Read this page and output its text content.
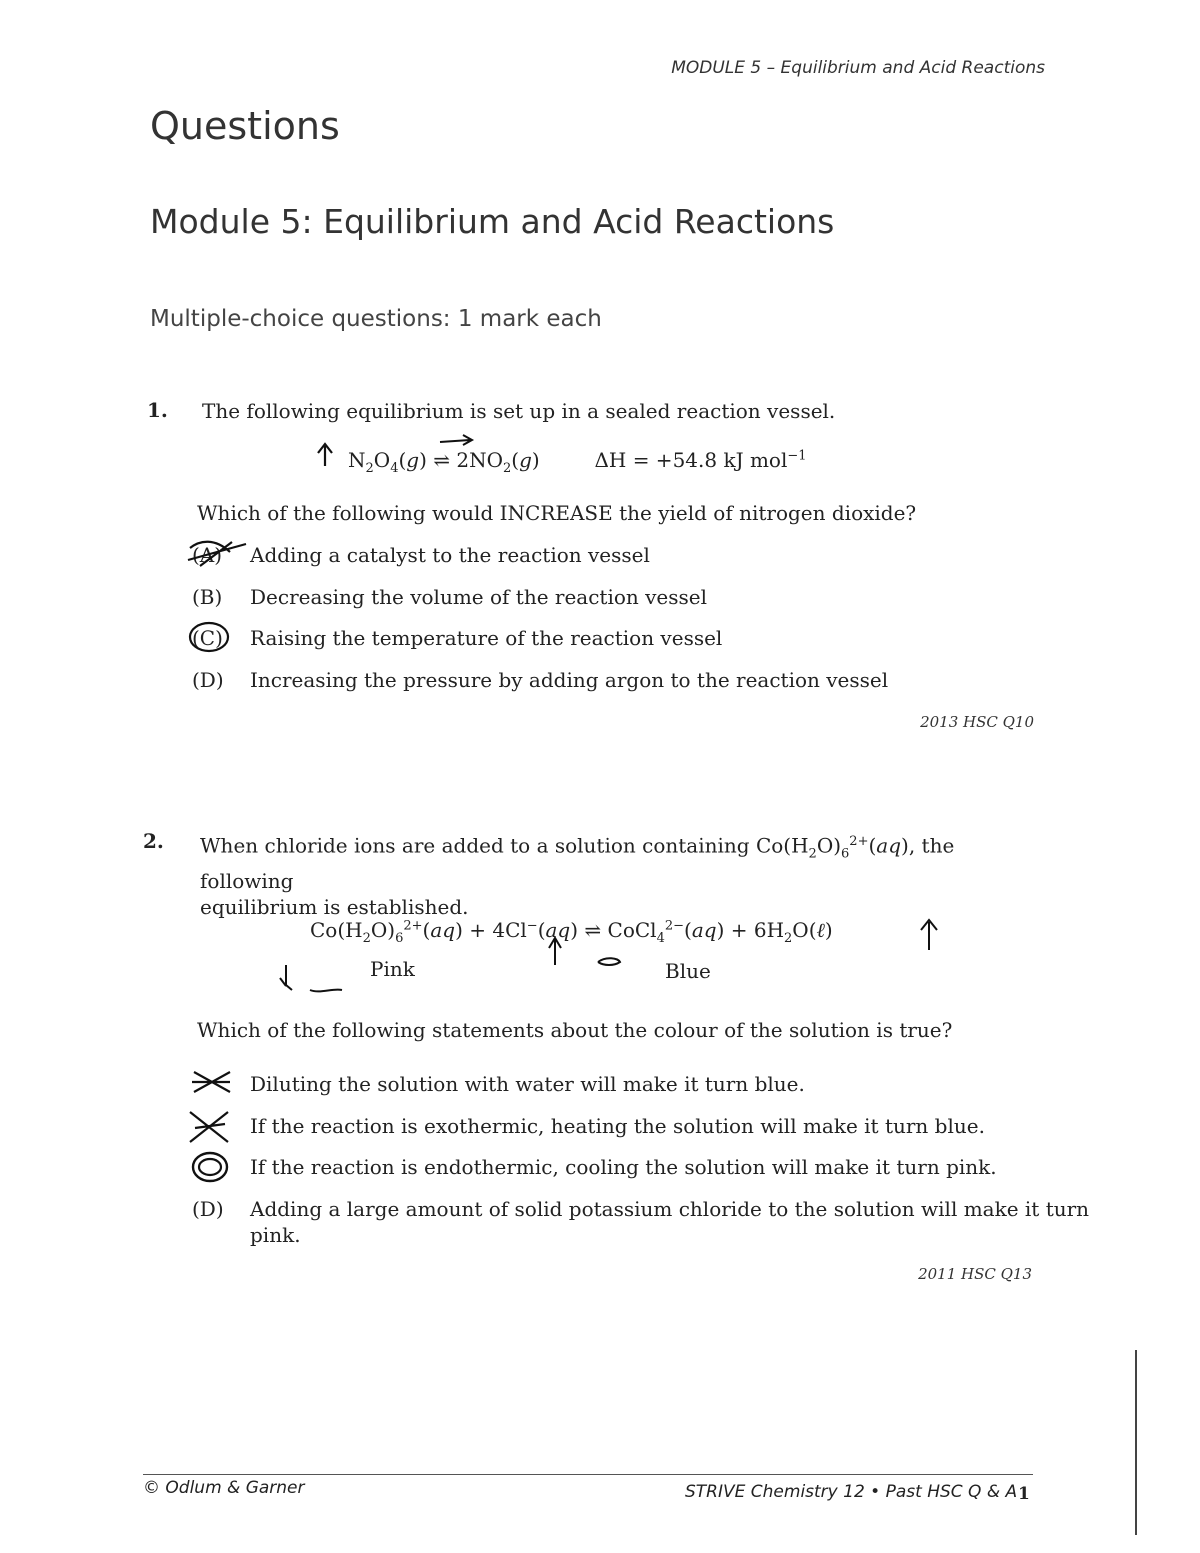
MODULE 5 – Equilibrium and Acid Reactions
Questions
Module 5: Equilibrium and Acid Reactions
Multiple-choice questions: 1 mark each
1. The following equilibrium is set up in a sealed reaction vessel.
$N_2O_4(g)$ ⇌ $2NO_2(g)$	ΔH = +54.8 kJ mol$^{-1}$
Which of the following would INCREASE the yield of nitrogen dioxide?
(A) Adding a catalyst to the reaction vessel
(B) Decreasing the volume of the reaction vessel
(C) Raising the temperature of the reaction vessel
(D) Increasing the pressure by adding argon to the reaction vessel
2013 HSC Q10
2. When chloride ions are added to a solution containing $Co(H_2O)_6^{2+}(aq)$, the following
equilibrium is established.
$Co(H_2O)_6^{2+}(aq) + 4Cl^-(aq)$ ⇌ CoCl$_4^{2-}$(aq) + $6H_2O(\ell)$
Pink	Blue
Which of the following statements about the colour of the solution is true?
Diluting the solution with water will make it turn blue.
If the reaction is exothermic, heating the solution will make it turn blue.
If the reaction is endothermic, cooling the solution will make it turn pink.
(D) Adding a large amount of solid potassium chloride to the solution will make it turn
pink.
2011 HSC Q13
© Odlum & Garner	STRIVE Chemistry 12 • Past HSC Q & A 1
